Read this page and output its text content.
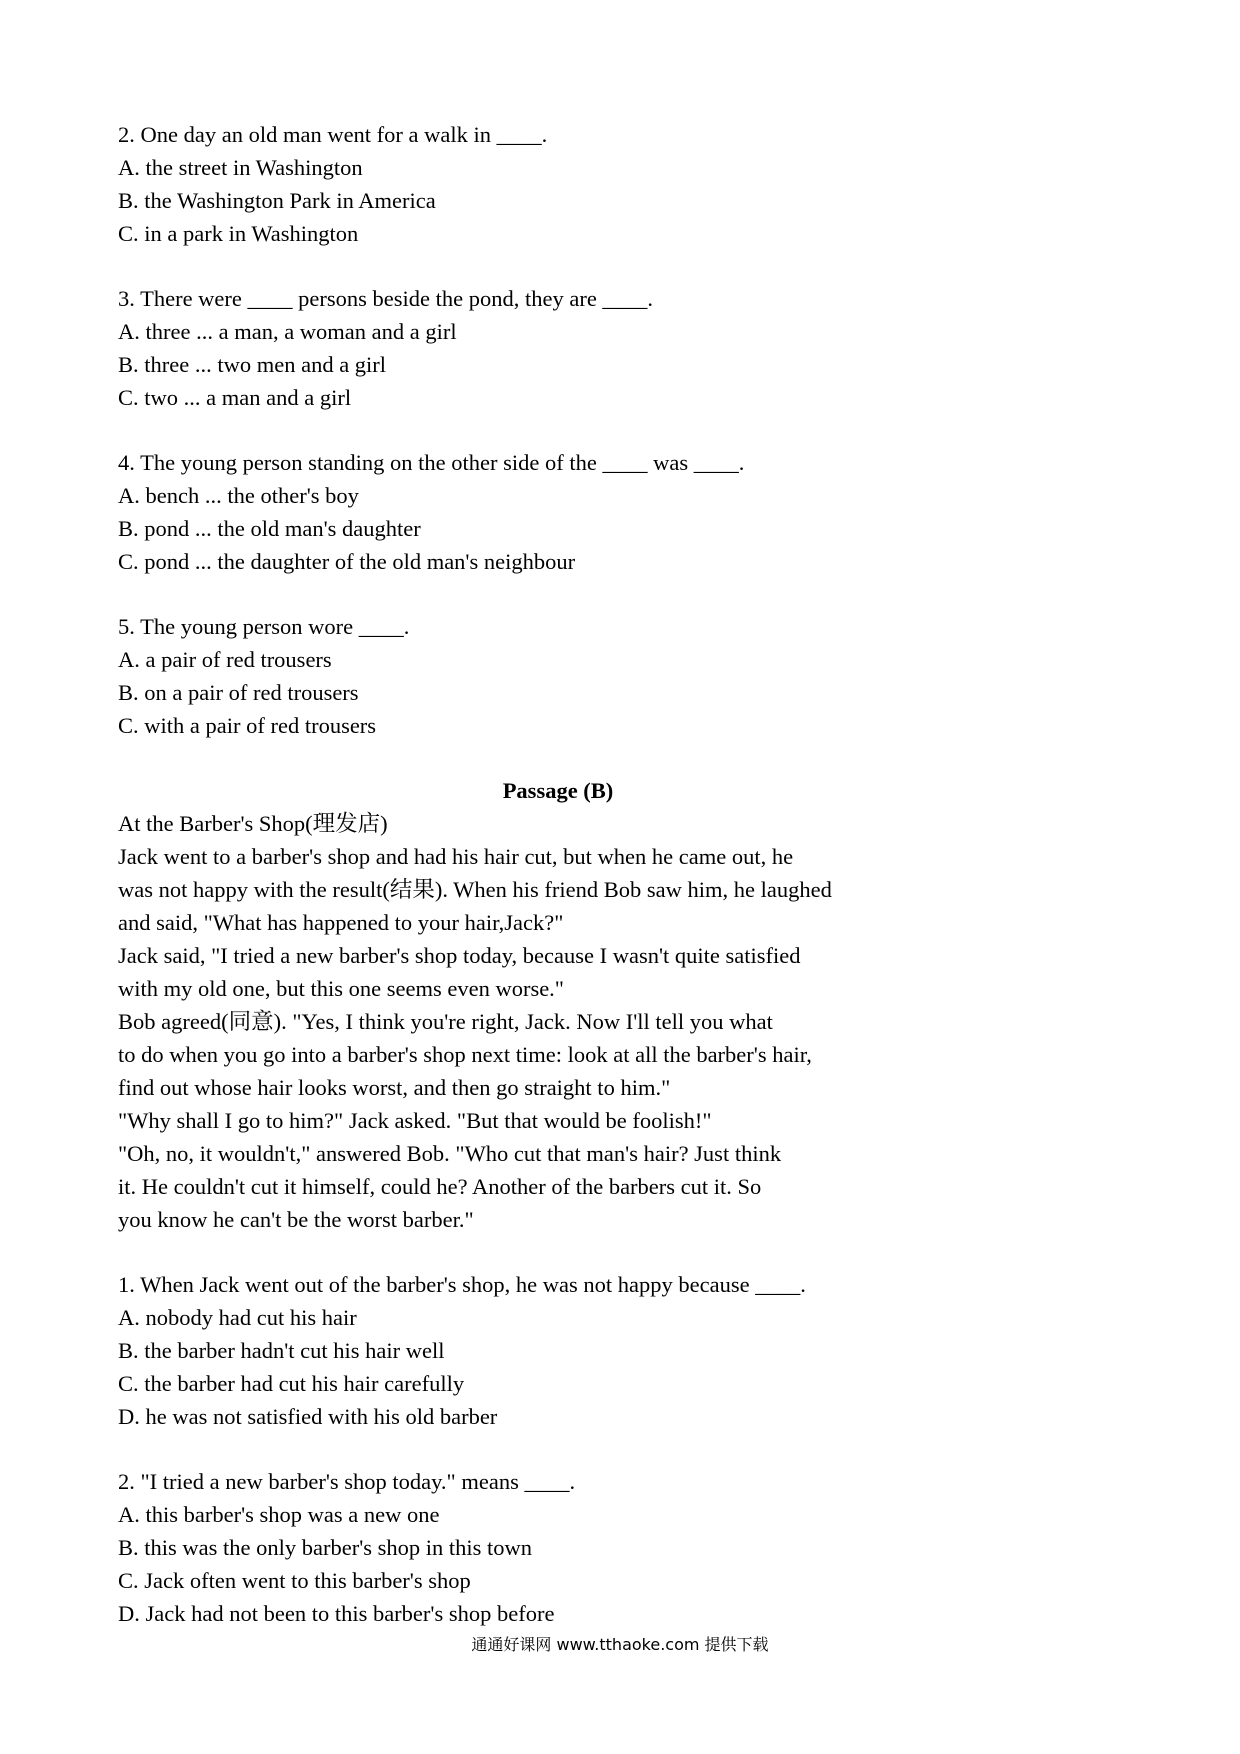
2. One day an old man went for a walk in ____.
A. the street in Washington
B. the Washington Park in America
C. in a park in Washington
3. There were ____ persons beside the pond, they are ____.
A. three ... a man, a woman and a girl
B. three ... two men and a girl
C. two ... a man and a girl
4. The young person standing on the other side of the ____ was ____.
A. bench ... the other's boy
B. pond ... the old man's daughter
C. pond ... the daughter of the old man's neighbour
5. The young person wore ____.
A. a pair of red trousers
B. on a pair of red trousers
C. with a pair of red trousers
Passage (B)
At the Barber's Shop(理发店)
Jack went to a barber's shop and had his hair cut, but when he came out, he
was not happy with the result(结果). When his friend Bob saw him, he laughed
and said, "What has happened to your hair,Jack?"
Jack said, "I tried a new barber's shop today, because I wasn't quite satisfied
with my old one, but this one seems even worse."
Bob agreed(同意). "Yes, I think you're right, Jack. Now I'll tell you what
to do when you go into a barber's shop next time: look at all the barber's hair,
find out whose hair looks worst, and then go straight to him."
"Why shall I go to him?" Jack asked. "But that would be foolish!"
"Oh, no, it wouldn't," answered Bob. "Who cut that man's hair? Just think
it. He couldn't cut it himself, could he? Another of the barbers cut it. So
you know he can't be the worst barber."
1. When Jack went out of the barber's shop, he was not happy because ____.
A. nobody had cut his hair
B. the barber hadn't cut his hair well
C. the barber had cut his hair carefully
D. he was not satisfied with his old barber
2. "I tried a new barber's shop today." means ____.
A. this barber's shop was a new one
B. this was the only barber's shop in this town
C. Jack often went to this barber's shop
D. Jack had not been to this barber's shop before
通通好课网 www.tthaoke.com 提供下载
